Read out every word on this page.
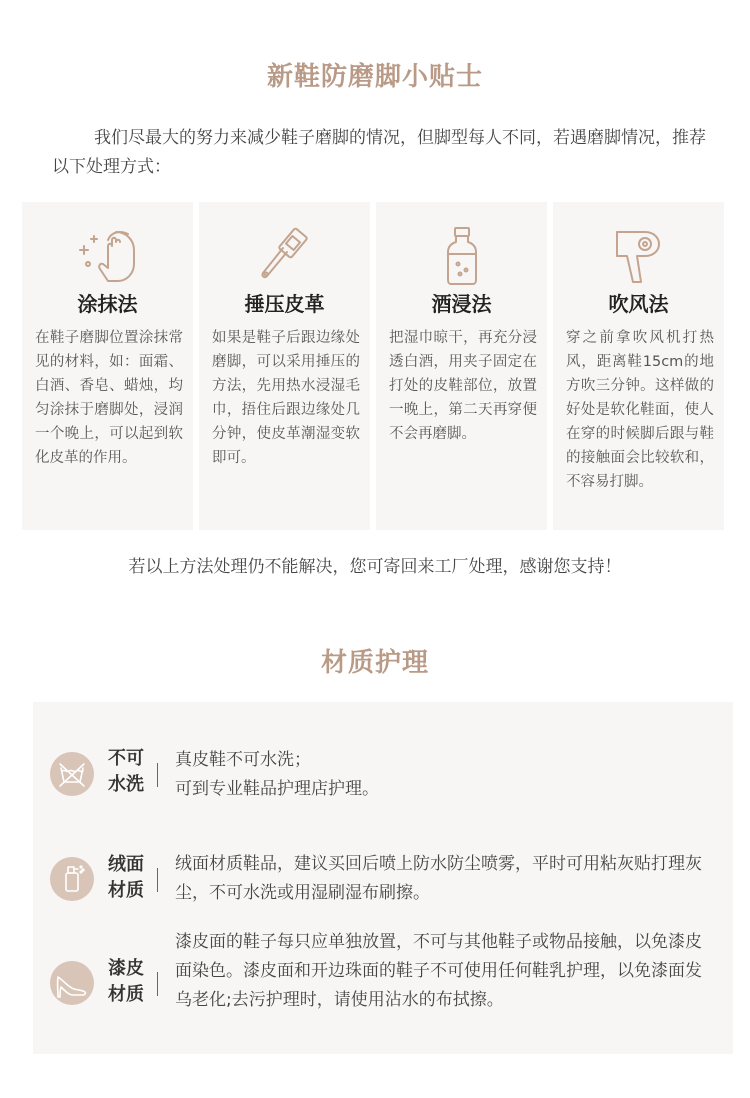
新鞋防磨脚小贴士

我们尽最大的努力来减少鞋子磨脚的情况，但脚型每人不同，若遇磨脚情况，推荐以下处理方式：

涂抹法
在鞋子磨脚位置涂抹常见的材料，如：面霜、白酒、香皂、蜡烛，均匀涂抹于磨脚处，浸润一个晚上，可以起到软化皮革的作用。
捶压皮革
如果是鞋子后跟边缘处磨脚，可以采用捶压的方法，先用热水浸湿毛巾，捂住后跟边缘处几分钟，使皮革潮湿变软即可。
酒浸法
把湿巾晾干，再充分浸透白酒，用夹子固定在打处的皮鞋部位，放置一晚上，第二天再穿便不会再磨脚。
吹风法
穿之前拿吹风机打热风，距离鞋15cm的地方吹三分钟。这样做的好处是软化鞋面，使人在穿的时候脚后跟与鞋的接触面会比较软和，不容易打脚。

若以上方法处理仍不能解决，您可寄回来工厂处理，感谢您支持！

材质护理
不可
水洗
真皮鞋不可水洗；
可到专业鞋品护理店护理。
绒面
材质
绒面材质鞋品，建议买回后喷上防水防尘喷雾，平时可用粘灰贴打理灰尘，不可水洗或用湿刷湿布刷擦。
漆皮
材质
漆皮面的鞋子每只应单独放置，不可与其他鞋子或物品接触，以免漆皮面染色。漆皮面和开边珠面的鞋子不可使用任何鞋乳护理，以免漆面发乌老化;去污护理时，请使用沾水的布拭擦。
